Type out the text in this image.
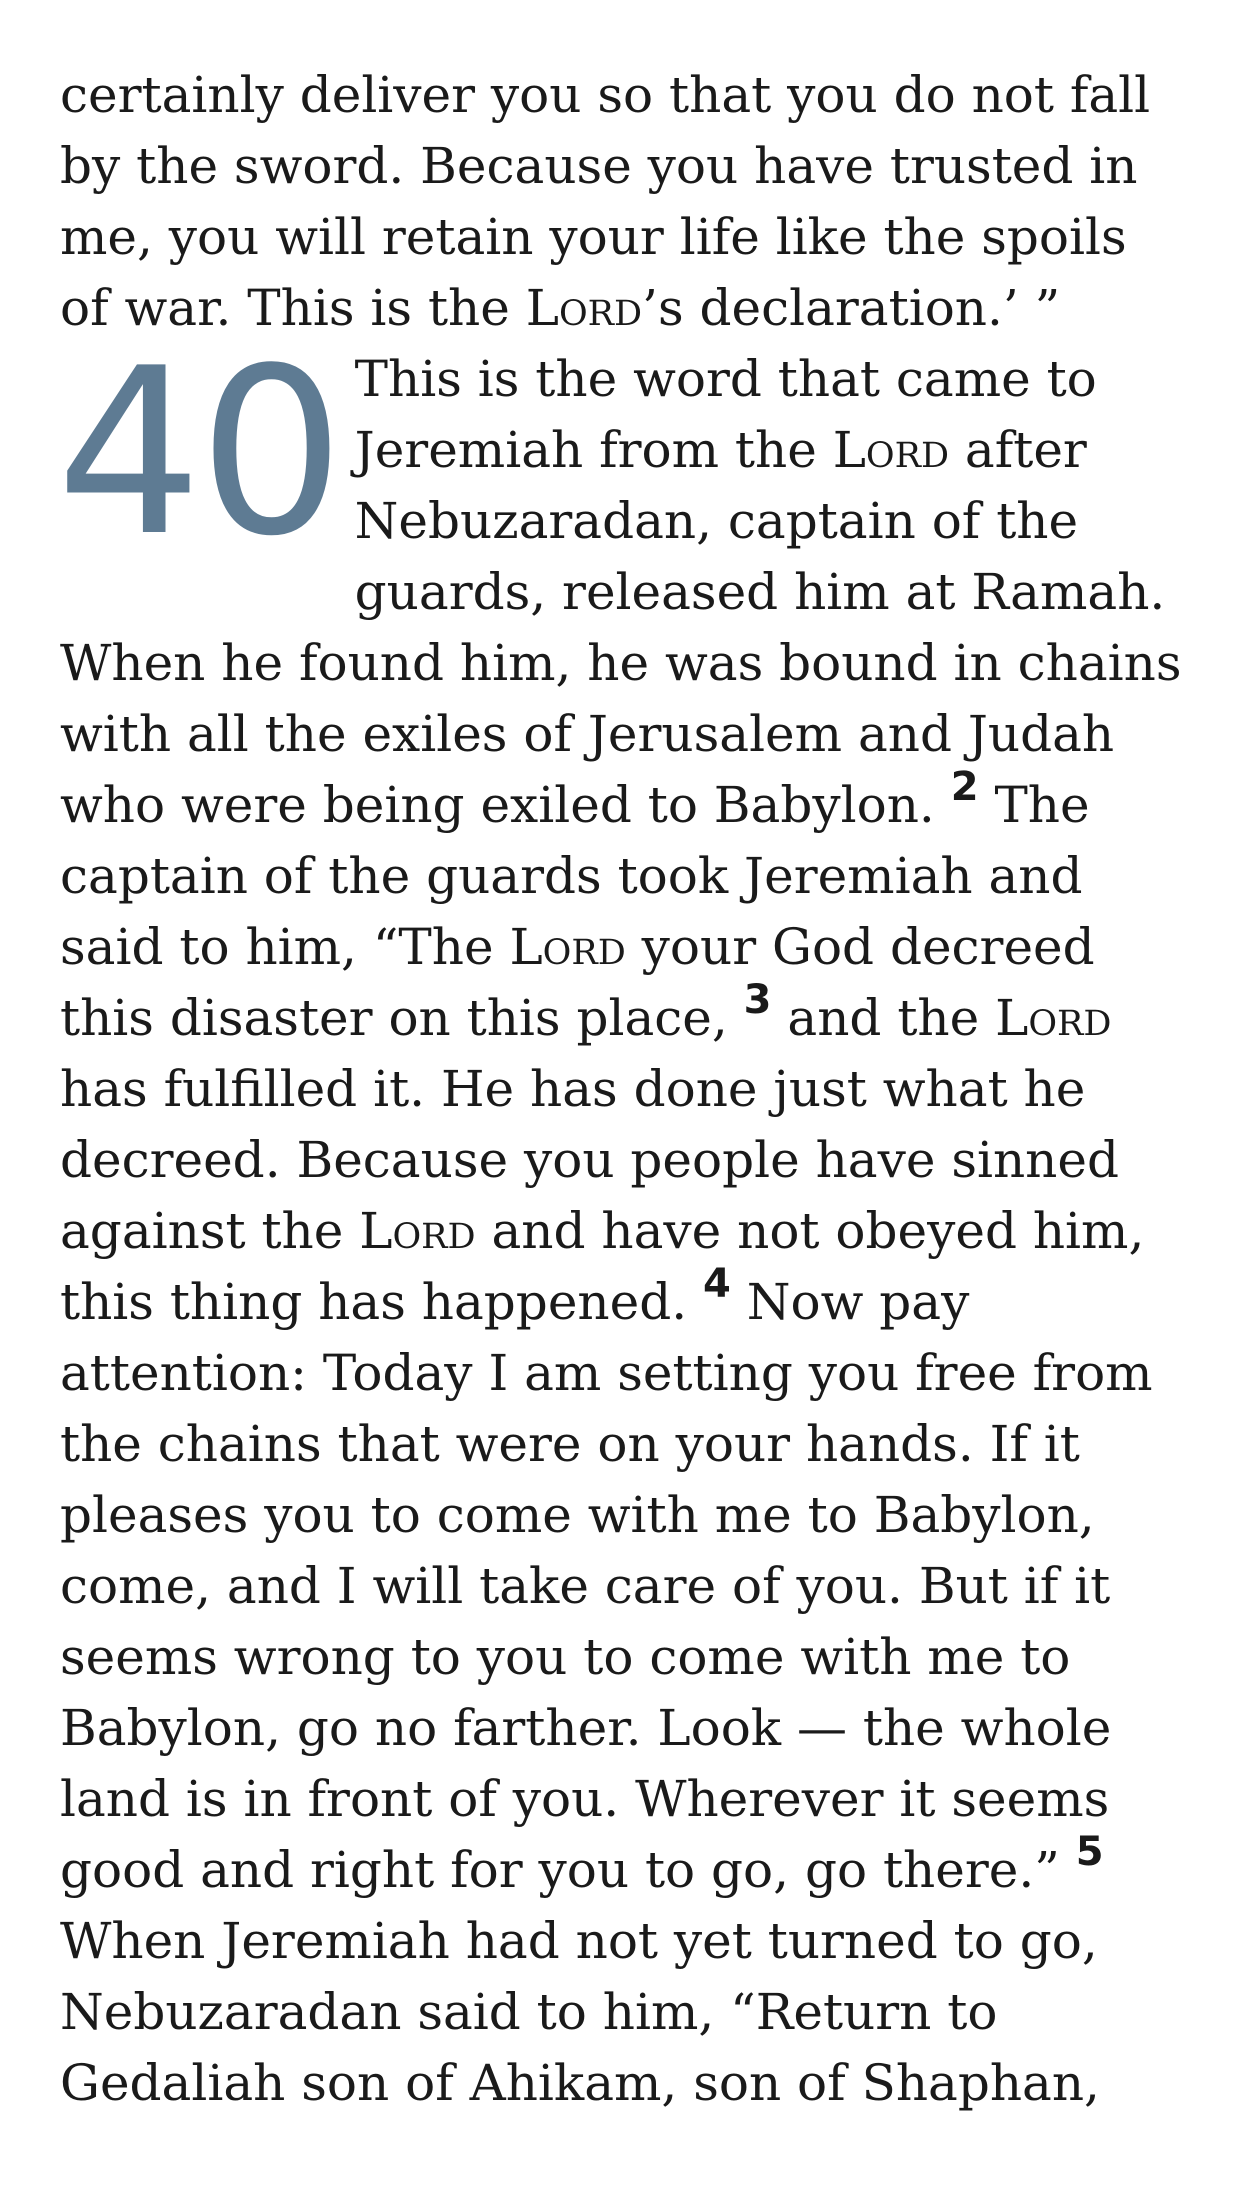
certainly deliver you so that you do not fall by the sword. Because you have trusted in me, you will retain your life like the spoils of war. This is the Lord’s declaration.’ ”

40 This is the word that came to Jeremiah from the Lord after Nebuzaradan, captain of the guards, released him at Ramah. When he found him, he was bound in chains with all the exiles of Jerusalem and Judah who were being exiled to Babylon. $^2$ The captain of the guards took Jeremiah and said to him, “The Lord your God decreed this disaster on this place, $^3$ and the Lord has fulfilled it. He has done just what he decreed. Because you people have sinned against the Lord and have not obeyed him, this thing has happened. $^4$ Now pay attention: Today I am setting you free from the chains that were on your hands. If it pleases you to come with me to Babylon, come, and I will take care of you. But if it seems wrong to you to come with me to Babylon, go no farther. Look — the whole land is in front of you. Wherever it seems good and right for you to go, go there.” $^5$ When Jeremiah had not yet turned to go, Nebuzaradan said to him, “Return to Gedaliah son of Ahikam, son of Shaphan,
